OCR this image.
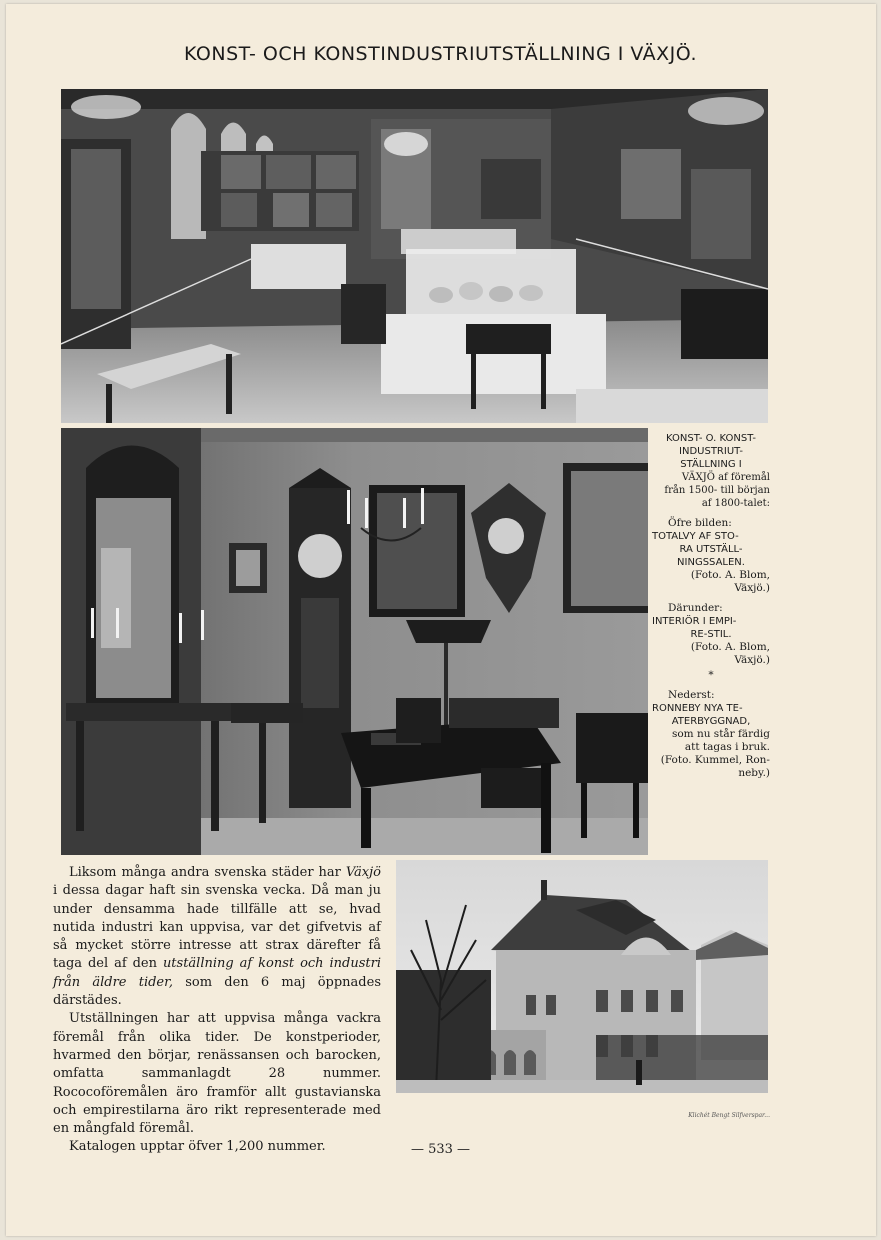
KONST- OCH KONSTINDUSTRIUTSTÄLLNING I VÄXJÖ.
KONST- O. KONST-
INDUSTRIUT-
STÄLLNING I
VÄXJÖ af föremål
från 1500- till början
af 1800-talet:
Öfre bilden:
TOTALVY AF STO-
RA UTSTÄLL-
NINGSSALEN.
(Foto. A. Blom,
Växjö.)
Därunder:
INTERIÖR I EMPI-
RE-STIL.
(Foto. A. Blom,
Växjö.)
*
Nederst:
RONNEBY NYA TE-
ATERBYGGNAD,
som nu står färdig
att tagas i bruk.
(Foto. Kummel, Ron-
neby.)

Liksom många andra svenska städer har Växjö i dessa dagar haft sin svenska vecka. Då man ju under densamma hade tillfälle att se, hvad nutida industri kan uppvisa, var det gifvetvis af så mycket större intresse att strax därefter få taga del af den utställning af konst och industri från äldre tider, som den 6 maj öppnades därstädes.

Utställningen har att uppvisa många vackra föremål från olika tider. De konstperioder, hvarmed den börjar, renässansen och barocken, omfatta sammanlagdt 28 nummer. Rococoföremålen äro framför allt gustavianska och empirestilarna äro rikt representerade med en mångfald föremål.

Katalogen upptar öfver 1,200 nummer.

Klichét Bengt Silfverspar...
— 533 —
